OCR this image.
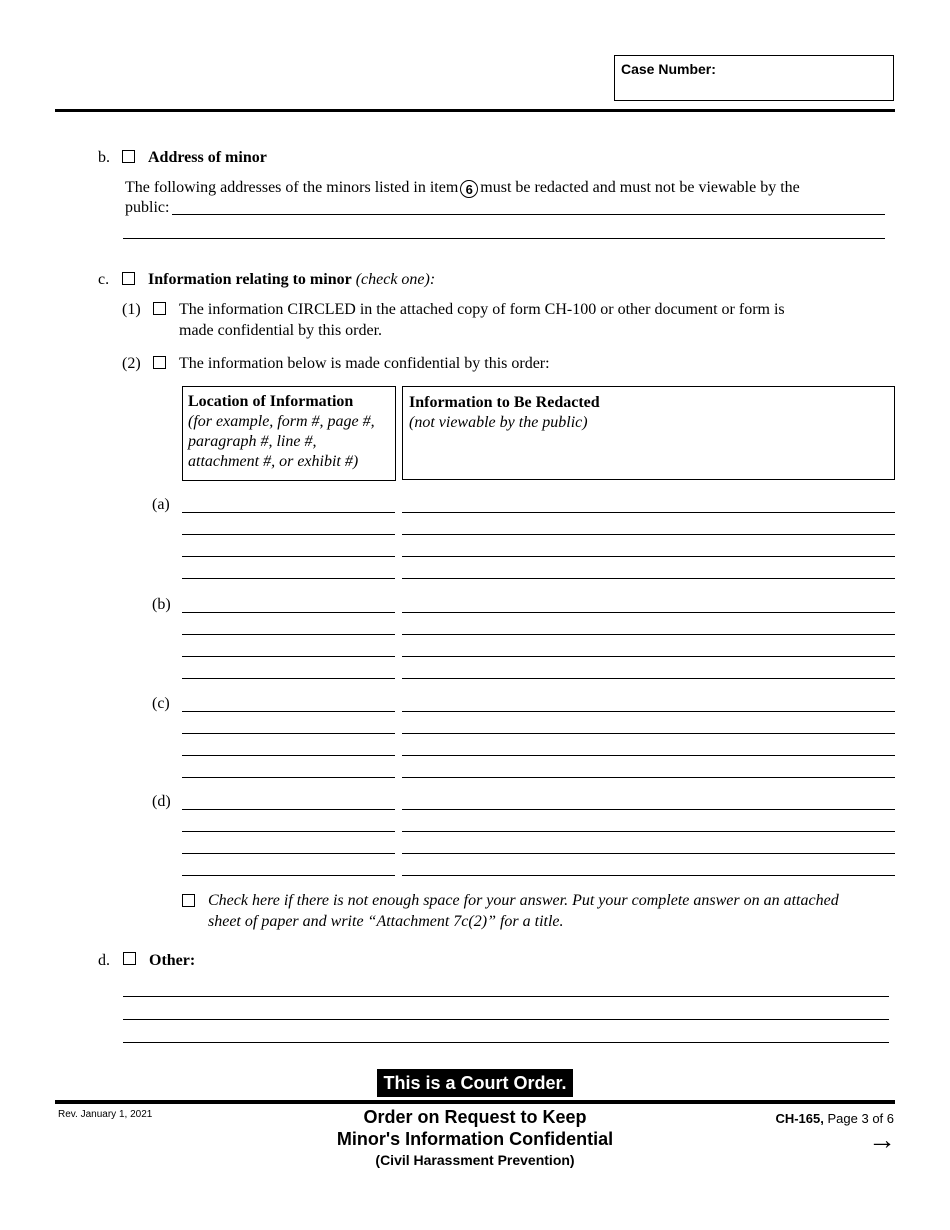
Case Number:
b. Address of minor
The following addresses of the minors listed in item 6 must be redacted and must not be viewable by the
public:
c. Information relating to minor (check one):
(1) The information CIRCLED in the attached copy of form CH-100 or other document or form is
made confidential by this order.
(2) The information below is made confidential by this order:
Location of Information
(for example, form #, page #,
paragraph #, line #,
attachment #, or exhibit #)
Information to Be Redacted
(not viewable by the public)
(a)
(b)
(c)
(d)
Check here if there is not enough space for your answer. Put your complete answer on an attached
sheet of paper and write “Attachment 7c(2)” for a title.
d. Other:
This is a Court Order.
Rev. January 1, 2021	Order on Request to Keep
Minor's Information Confidential
(Civil Harassment Prevention)
CH-165, Page 3 of 6
→
